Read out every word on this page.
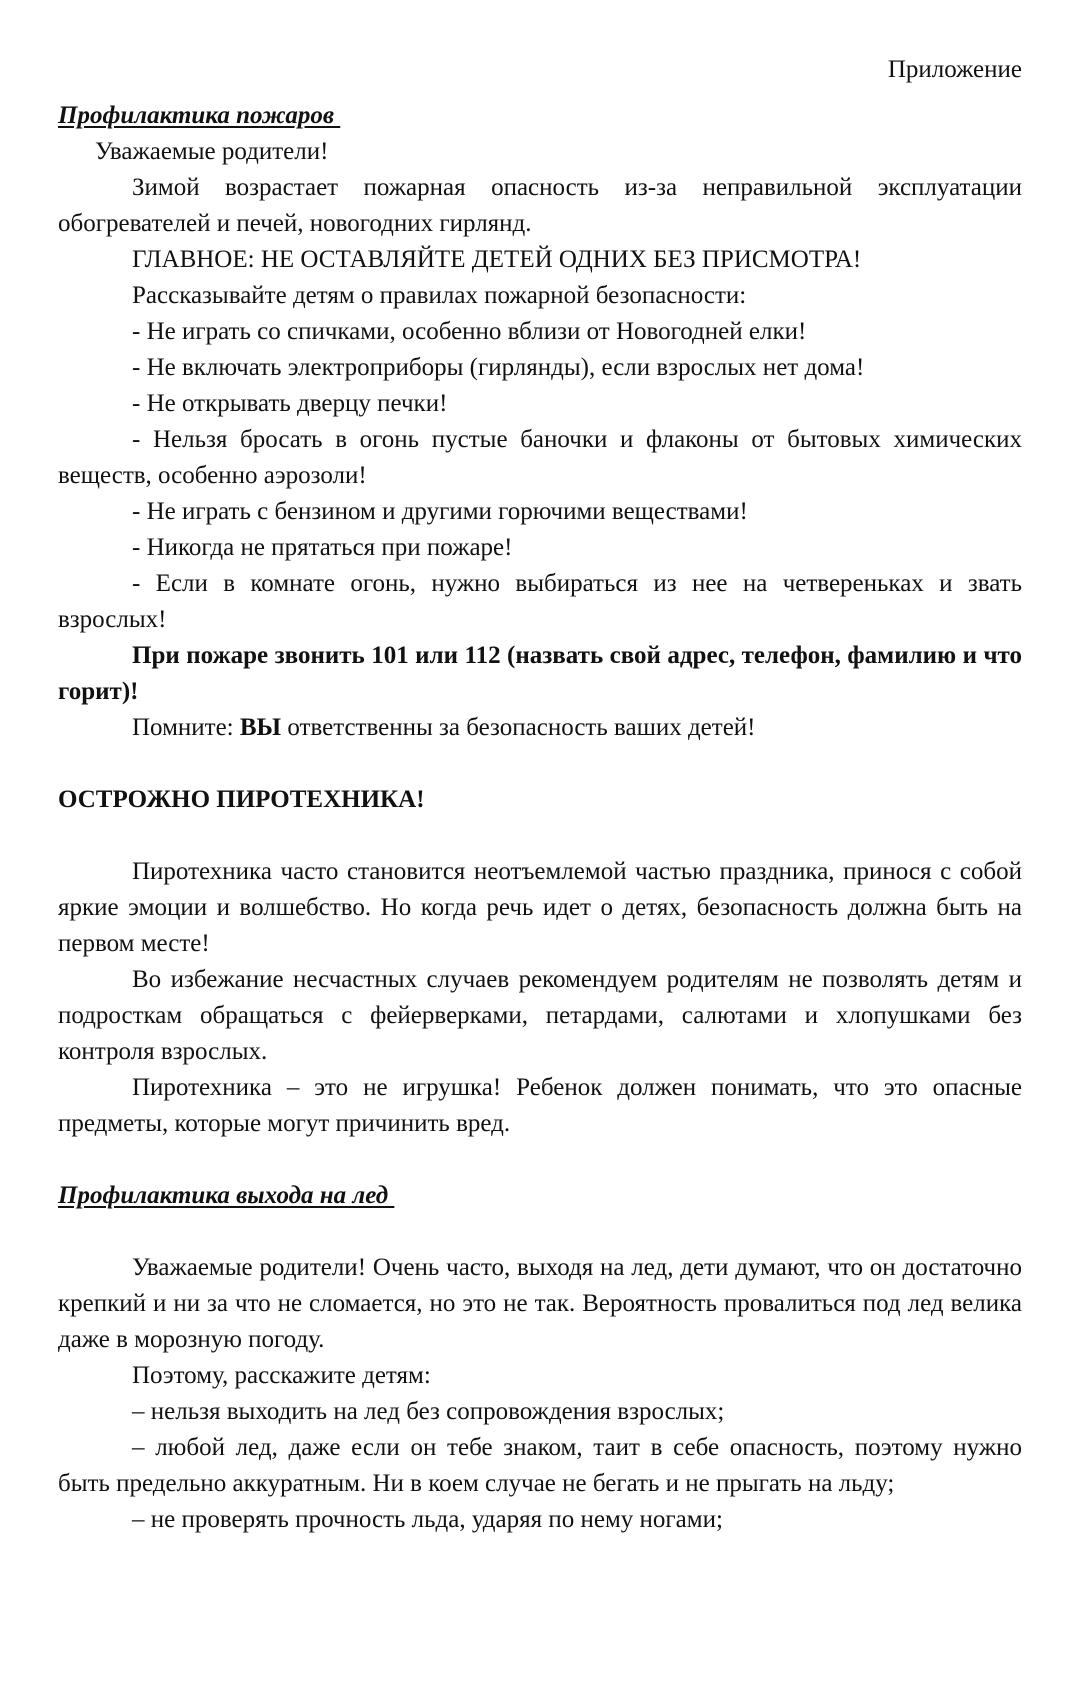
Приложение

Профилактика пожаров

Уважаемые родители!

Зимой возрастает пожарная опасность из-за неправильной эксплуатации обогревателей и печей, новогодних гирлянд.

ГЛАВНОЕ: НЕ ОСТАВЛЯЙТЕ ДЕТЕЙ ОДНИХ БЕЗ ПРИСМОТРА!

Рассказывайте детям о правилах пожарной безопасности:

- Не играть со спичками, особенно вблизи от Новогодней елки!

- Не включать электроприборы (гирлянды), если взрослых нет дома!

- Не открывать дверцу печки!

- Нельзя бросать в огонь пустые баночки и флаконы от бытовых химических веществ, особенно аэрозоли!

- Не играть с бензином и другими горючими веществами!

- Никогда не прятаться при пожаре!

- Если в комнате огонь, нужно выбираться из нее на четвереньках и звать взрослых!

При пожаре звонить 101 или 112 (назвать свой адрес, телефон, фамилию и что горит)!

Помните: ВЫ ответственны за безопасность ваших детей!

ОСТРОЖНО ПИРОТЕХНИКА!

Пиротехника часто становится неотъемлемой частью праздника, принося с собой яркие эмоции и волшебство. Но когда речь идет о детях, безопасность должна быть на первом месте!

Во избежание несчастных случаев рекомендуем родителям не позволять детям и подросткам обращаться с фейерверками, петардами, салютами и хлопушками без контроля взрослых.

Пиротехника – это не игрушка! Ребенок должен понимать, что это опасные предметы, которые могут причинить вред.

Профилактика выхода на лед

Уважаемые родители! Очень часто, выходя на лед, дети думают, что он достаточно крепкий и ни за что не сломается, но это не так. Вероятность провалиться под лед велика даже в морозную погоду.

Поэтому, расскажите детям:

– нельзя выходить на лед без сопровождения взрослых;

– любой лед, даже если он тебе знаком, таит в себе опасность, поэтому нужно быть предельно аккуратным. Ни в коем случае не бегать и не прыгать на льду;

– не проверять прочность льда, ударяя по нему ногами;
